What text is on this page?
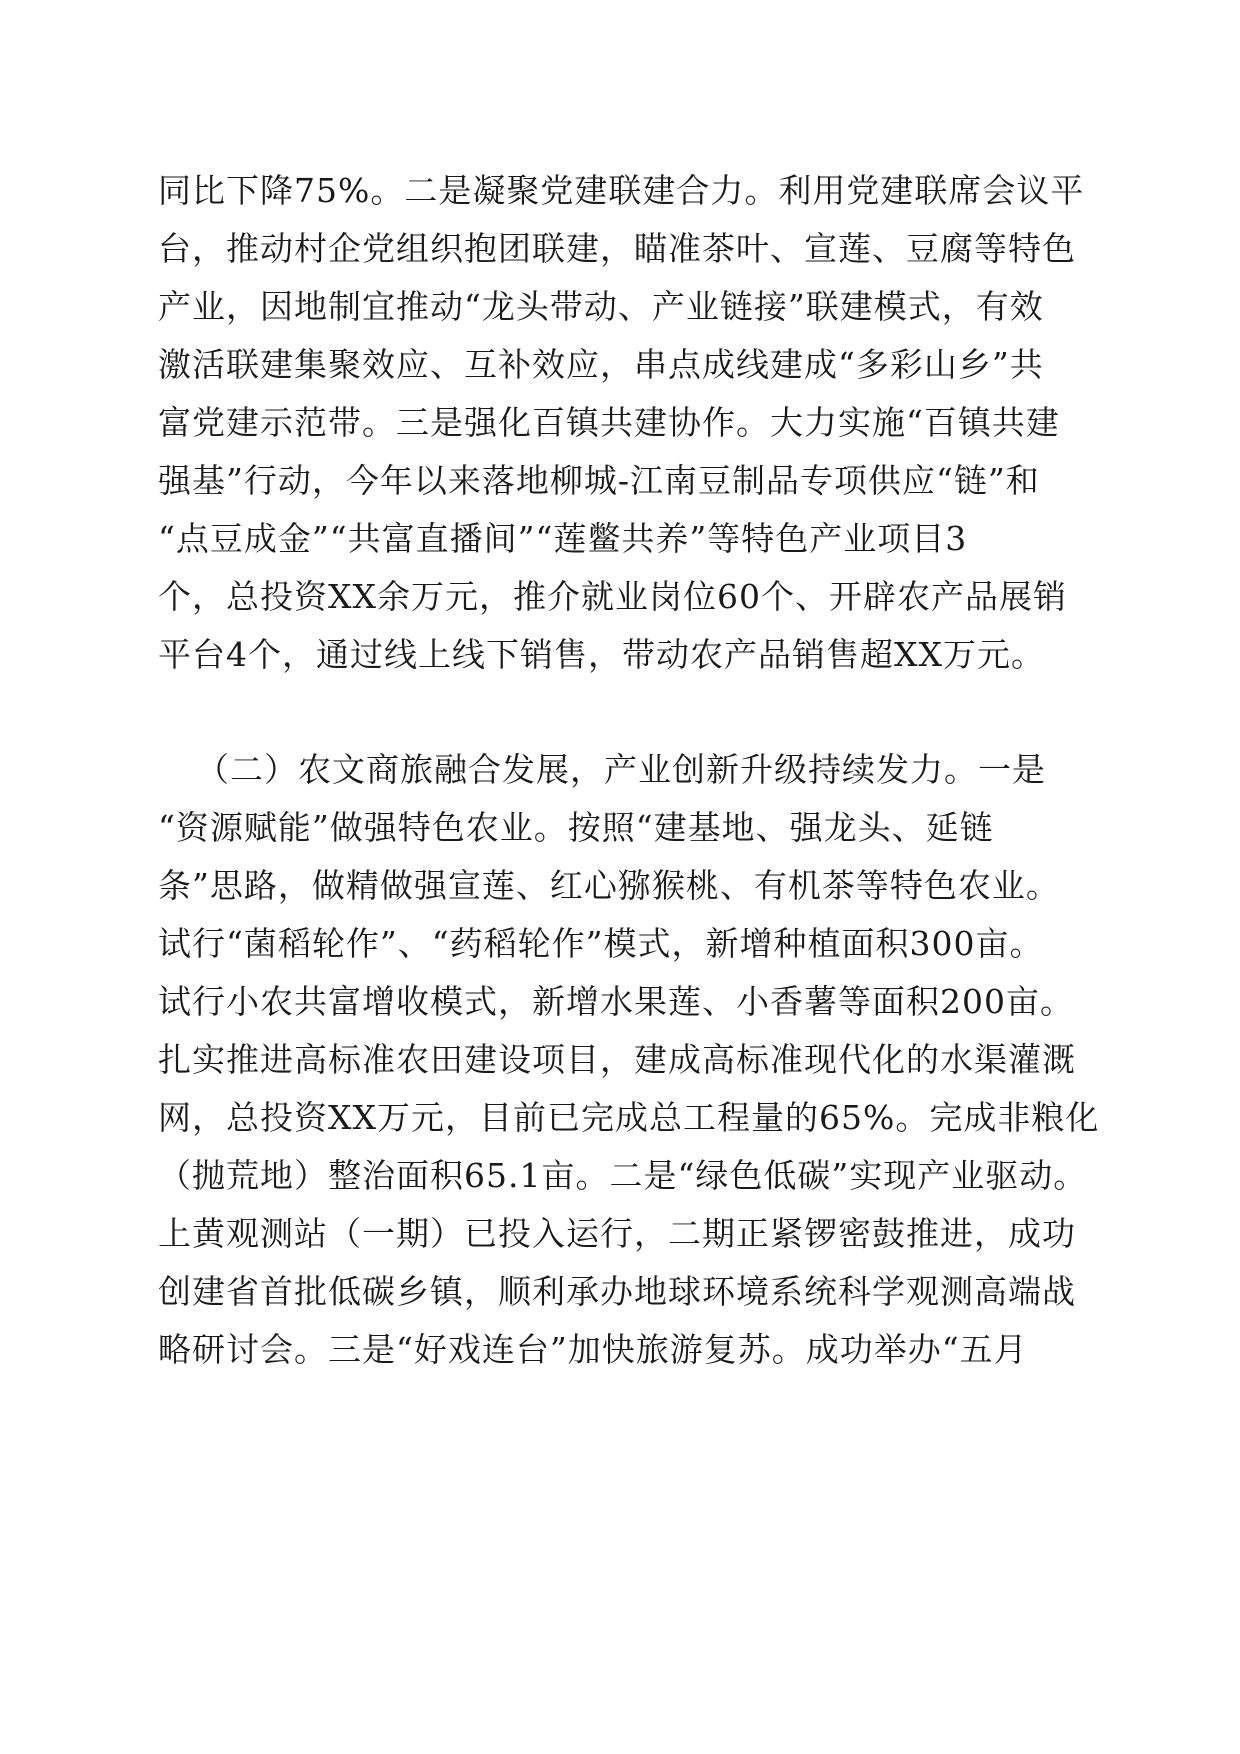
同比下降75%。二是凝聚党建联建合力。利用党建联席会议平

台，推动村企党组织抱团联建，瞄准茶叶、宣莲、豆腐等特色

产业，因地制宜推动“龙头带动、产业链接”联建模式，有效

激活联建集聚效应、互补效应，串点成线建成“多彩山乡”共

富党建示范带。三是强化百镇共建协作。大力实施“百镇共建

强基”行动，今年以来落地柳城-江南豆制品专项供应“链”和

“点豆成金”“共富直播间”“莲鳖共养”等特色产业项目3

个，总投资XX余万元，推介就业岗位60个、开辟农产品展销

平台4个，通过线上线下销售，带动农产品销售超XX万元。

（二）农文商旅融合发展，产业创新升级持续发力。一是

“资源赋能”做强特色农业。按照“建基地、强龙头、延链

条”思路，做精做强宣莲、红心猕猴桃、有机茶等特色农业。

试行“菌稻轮作”、“药稻轮作”模式，新增种植面积300亩。

试行小农共富增收模式，新增水果莲、小香薯等面积200亩。

扎实推进高标准农田建设项目，建成高标准现代化的水渠灌溉

网，总投资XX万元，目前已完成总工程量的65%。完成非粮化

（抛荒地）整治面积65.1亩。二是“绿色低碳”实现产业驱动。

上黄观测站（一期）已投入运行，二期正紧锣密鼓推进，成功

创建省首批低碳乡镇，顺利承办地球环境系统科学观测高端战

略研讨会。三是“好戏连台”加快旅游复苏。成功举办“五月
